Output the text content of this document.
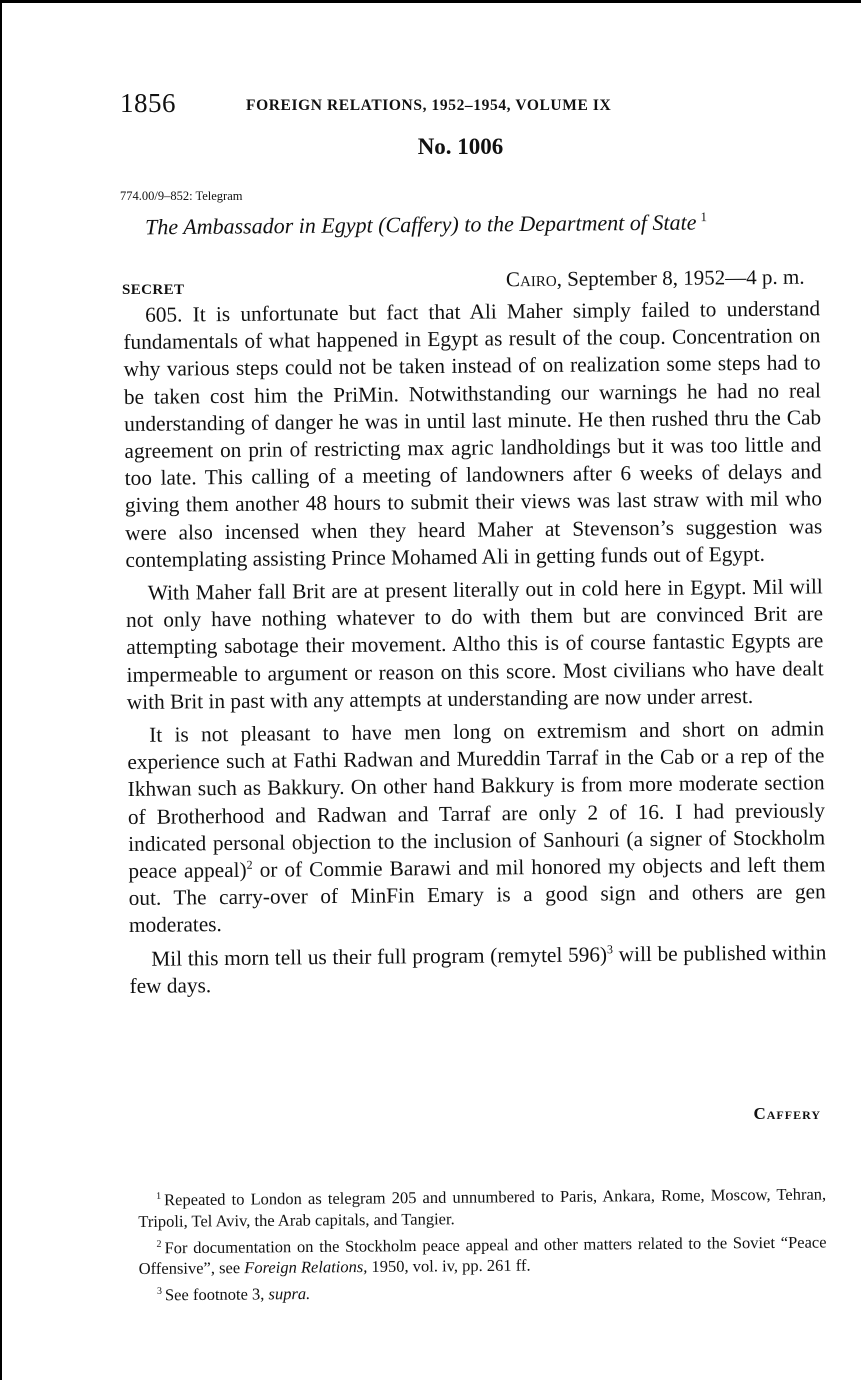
1856	FOREIGN RELATIONS, 1952–1954, VOLUME IX
No. 1006
774.00/9–852: Telegram
The Ambassador in Egypt (Caffery) to the Department of State $^1$
SECRET	Cairo, September 8, 1952—4 p. m.

605. It is unfortunate but fact that Ali Maher simply failed to understand fundamentals of what happened in Egypt as result of the coup. Concentration on why various steps could not be taken instead of on realization some steps had to be taken cost him the PriMin. Notwithstanding our warnings he had no real understanding of danger he was in until last minute. He then rushed thru the Cab agreement on prin of restricting max agric landholdings but it was too little and too late. This calling of a meeting of landowners after 6 weeks of delays and giving them another 48 hours to submit their views was last straw with mil who were also incensed when they heard Maher at Stevenson’s suggestion was contemplating assisting Prince Mohamed Ali in getting funds out of Egypt.

With Maher fall Brit are at present literally out in cold here in Egypt. Mil will not only have nothing whatever to do with them but are convinced Brit are attempting sabotage their movement. Altho this is of course fantastic Egypts are impermeable to argument or reason on this score. Most civilians who have dealt with Brit in past with any attempts at understanding are now under arrest.

It is not pleasant to have men long on extremism and short on admin experience such at Fathi Radwan and Mureddin Tarraf in the Cab or a rep of the Ikhwan such as Bakkury. On other hand Bakkury is from more moderate section of Brotherhood and Radwan and Tarraf are only 2 of 16. I had previously indicated personal objection to the inclusion of Sanhouri (a signer of Stockholm peace appeal)$^2$ or of Commie Barawi and mil honored my objects and left them out. The carry-over of MinFin Emary is a good sign and others are gen moderates.

Mil this morn tell us their full program (remytel 596)$^3$ will be published within few days.

Caffery
$^1$ Repeated to London as telegram 205 and unnumbered to Paris, Ankara, Rome, Moscow, Tehran, Tripoli, Tel Aviv, the Arab capitals, and Tangier.
$^2$ For documentation on the Stockholm peace appeal and other matters related to the Soviet “Peace Offensive”, see Foreign Relations, 1950, vol. iv, pp. 261 ff.
$^3$ See footnote 3, supra.
